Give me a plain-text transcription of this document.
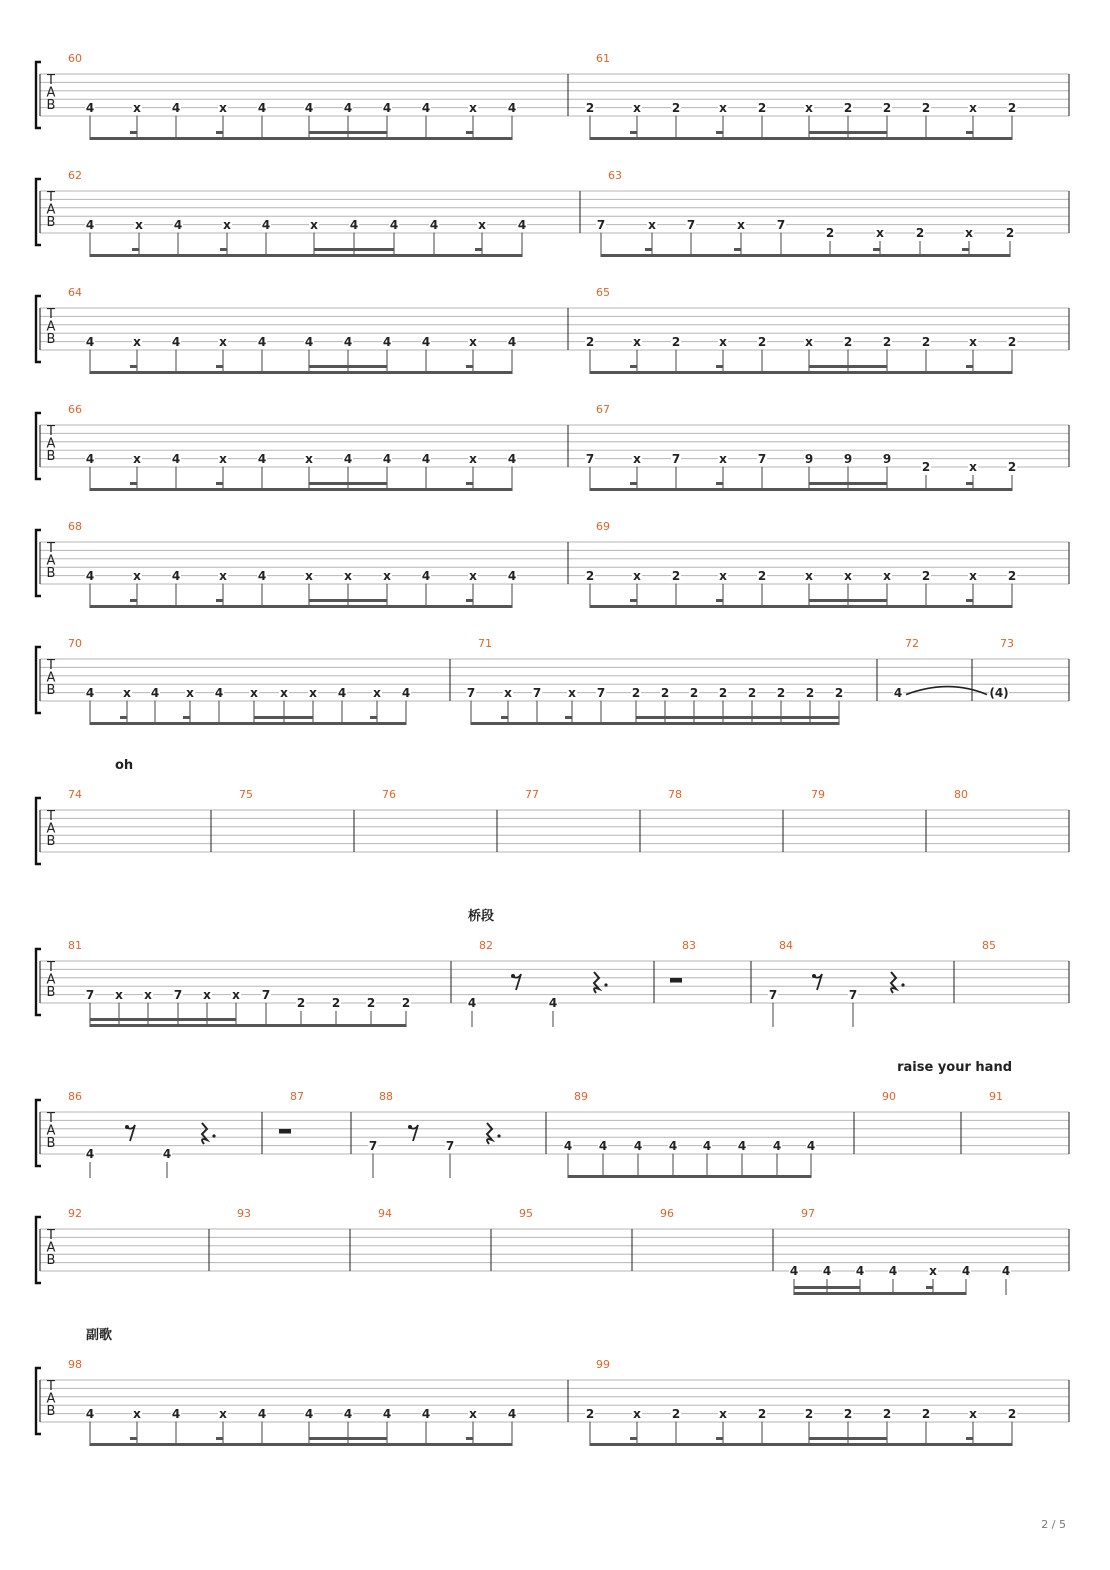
T
A
B
60
4	x	4	x	4	4	4	4	4	x	4
61
2	x	2	x	2	x	2	2	2	x	2
T
A
B
62
4	x	4	x	4	x	4	4	4	x	4
63
7	x	7	x	7
2	x	2	x	2
T
A
B
64
4	x	4	x	4	4	4	4	4	x	4
65
2	x	2	x	2	x	2	2	2	x	2
T
A
B
66
4	x	4	x	4	x	4	4	4	x	4
67
7	x	7	x	7	9	9	9
2	x	2
T
A
B
68
4	x	4	x	4	x	x	x	4	x	4
69
2	x	2	x	2	x	x	x	2	x	2
T
A
B
70
4 x 4 x 4 x x x 4 x 4
71
7 x 7 x 7 2 2 2 2 2 2 2 2
72
4
73
(4)
T
A
B
oh
74	75	76	77	78	79	80
T
A
B
桥段
81
7 x x 7 x x 7
2 2 2 2
82
4	4
83	84
7	7
85
T
A
B
raise your hand
86
4	4
87	88
7	7
89
4 4 4 4 4 4 4 4
90	91
T
A
B
92	93	94	95	96	97
4 4 4 4	x 4	4
T
A
B
副歌
98
4	x	4	x	4	4	4	4	4	x	4
99
2	x	2	x	2	2	2	2	2	x	2
2 / 5
